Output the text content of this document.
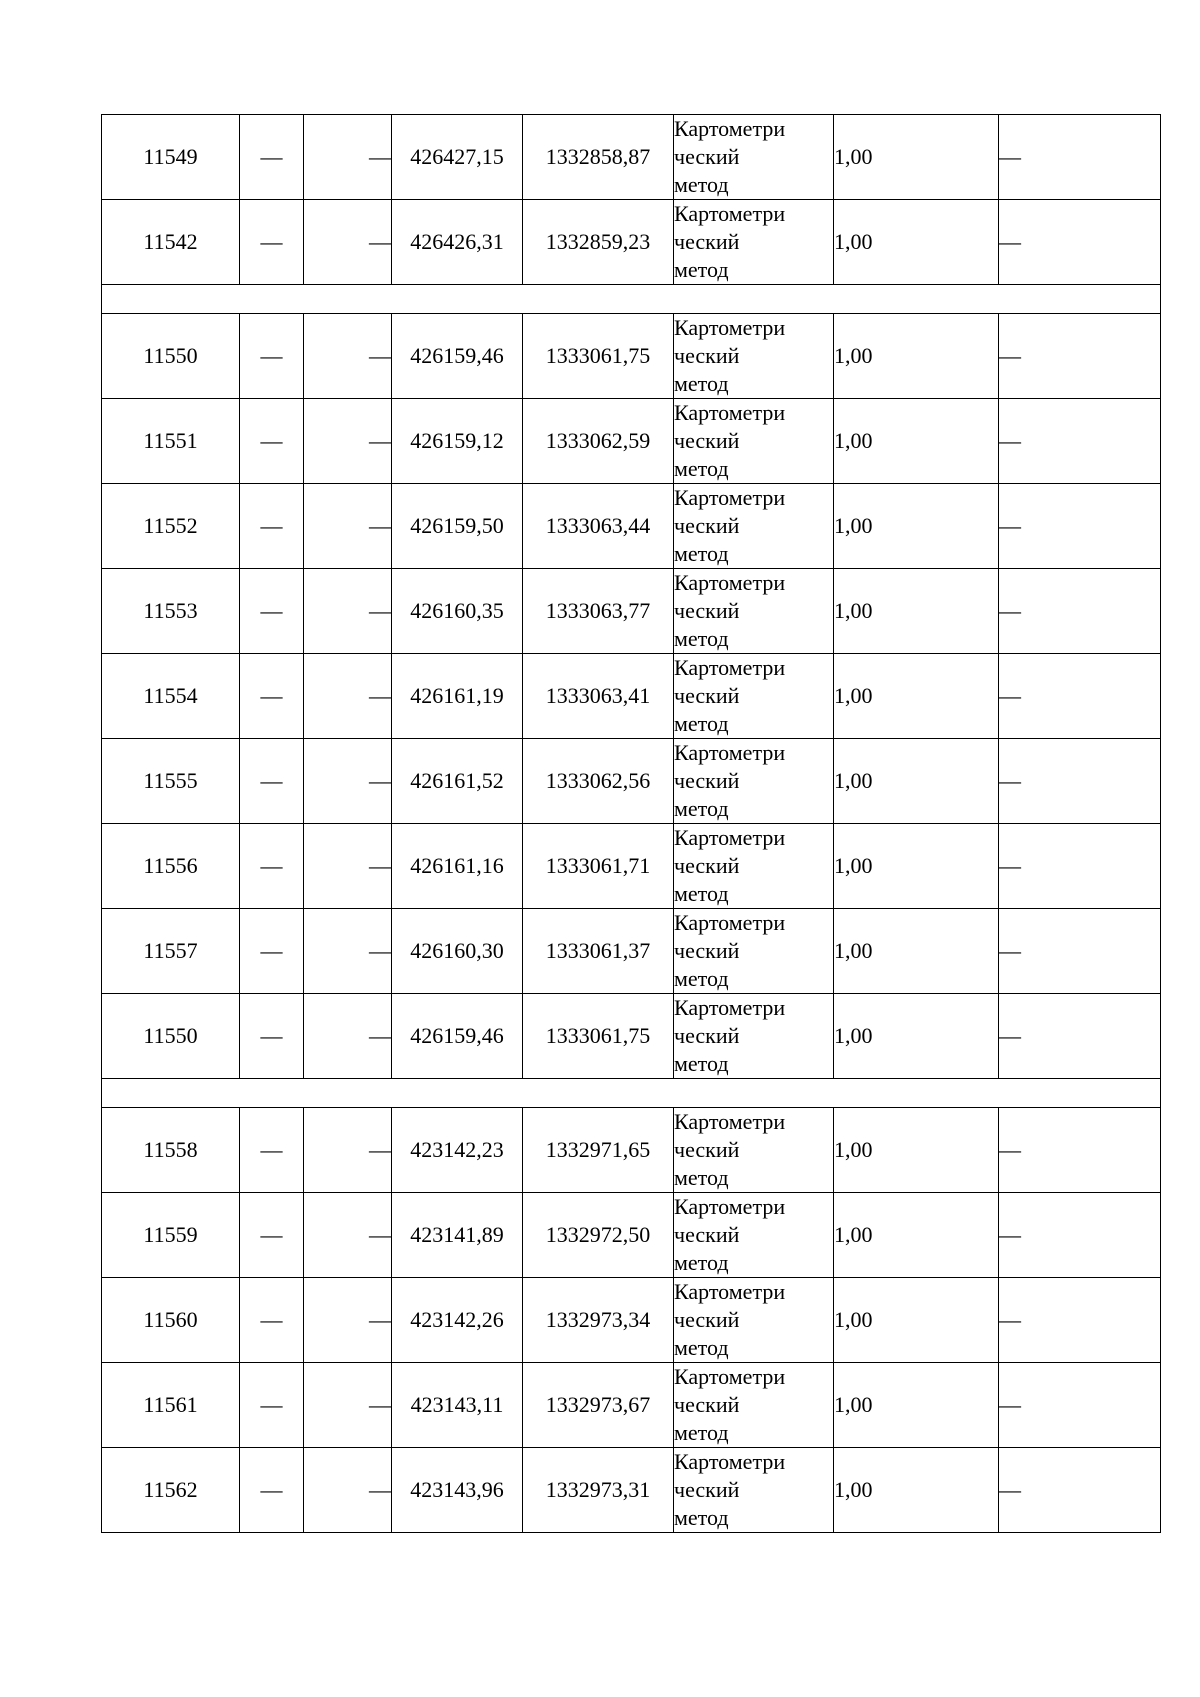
11549	—	—	426427,15	1332858,87	Картометри
ческий
метод	1,00	—
11542	—	—	426426,31	1332859,23	Картометри
ческий
метод	1,00	—

11550	—	—	426159,46	1333061,75	Картометри
ческий
метод	1,00	—
11551	—	—	426159,12	1333062,59	Картометри
ческий
метод	1,00	—
11552	—	—	426159,50	1333063,44	Картометри
ческий
метод	1,00	—
11553	—	—	426160,35	1333063,77	Картометри
ческий
метод	1,00	—
11554	—	—	426161,19	1333063,41	Картометри
ческий
метод	1,00	—
11555	—	—	426161,52	1333062,56	Картометри
ческий
метод	1,00	—
11556	—	—	426161,16	1333061,71	Картометри
ческий
метод	1,00	—
11557	—	—	426160,30	1333061,37	Картометри
ческий
метод	1,00	—
11550	—	—	426159,46	1333061,75	Картометри
ческий
метод	1,00	—

11558	—	—	423142,23	1332971,65	Картометри
ческий
метод	1,00	—
11559	—	—	423141,89	1332972,50	Картометри
ческий
метод	1,00	—
11560	—	—	423142,26	1332973,34	Картометри
ческий
метод	1,00	—
11561	—	—	423143,11	1332973,67	Картометри
ческий
метод	1,00	—
11562	—	—	423143,96	1332973,31	Картометри
ческий
метод	1,00	—
